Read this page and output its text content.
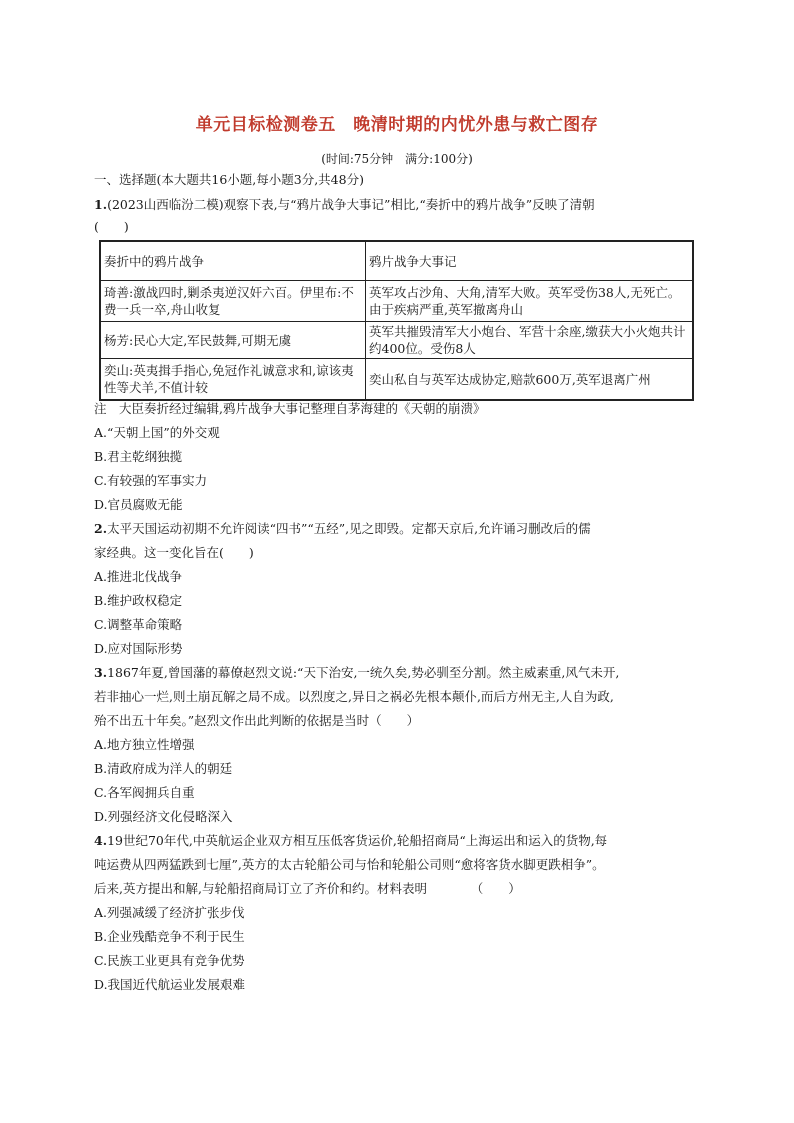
单元目标检测卷五　晚清时期的内忧外患与救亡图存
(时间:75分钟　满分:100分)
一、选择题(本大题共16小题,每小题3分,共48分)
1.(2023山西临汾二模)观察下表,与“鸦片战争大事记”相比,“奏折中的鸦片战争”反映了清朝
(　　)
奏折中的鸦片战争	鸦片战争大事记
琦善:激战四时,剿杀夷逆汉奸六百。伊里布:不费一兵一卒,舟山收复	英军攻占沙角、大角,清军大败。英军受伤38人,无死亡。由于疾病严重,英军撤离舟山
杨芳:民心大定,军民鼓舞,可期无虞	英军共摧毁清军大小炮台、军营十余座,缴获大小火炮共计约400位。受伤8人
奕山:英夷揖手指心,免冠作礼诚意求和,谅该夷性等犬羊,不值计较	奕山私自与英军达成协定,赔款600万,英军退离广州
注　大臣奏折经过编辑,鸦片战争大事记整理自茅海建的《天朝的崩溃》
A.“天朝上国”的外交观
B.君主乾纲独揽
C.有较强的军事实力
D.官员腐败无能
2.太平天国运动初期不允许阅读“四书”“五经”,见之即毁。定都天京后,允许诵习删改后的儒
家经典。这一变化旨在(　　)
A.推进北伐战争
B.维护政权稳定
C.调整革命策略
D.应对国际形势
3.1867年夏,曾国藩的幕僚赵烈文说:“天下治安,一统久矣,势必驯至分割。然主威素重,风气未开,
若非抽心一烂,则土崩瓦解之局不成。以烈度之,异日之祸必先根本颠仆,而后方州无主,人自为政,
殆不出五十年矣。”赵烈文作出此判断的依据是当时（　　）
A.地方独立性增强
B.清政府成为洋人的朝廷
C.各军阀拥兵自重
D.列强经济文化侵略深入
4.19世纪70年代,中英航运企业双方相互压低客货运价,轮船招商局“上海运出和运入的货物,每
吨运费从四两猛跌到七厘”,英方的太古轮船公司与怡和轮船公司则“愈将客货水脚更跌相争”。
后来,英方提出和解,与轮船招商局订立了齐价和约。材料表明　　　　（　　）
A.列强减缓了经济扩张步伐
B.企业残酷竞争不利于民生
C.民族工业更具有竞争优势
D.我国近代航运业发展艰难
